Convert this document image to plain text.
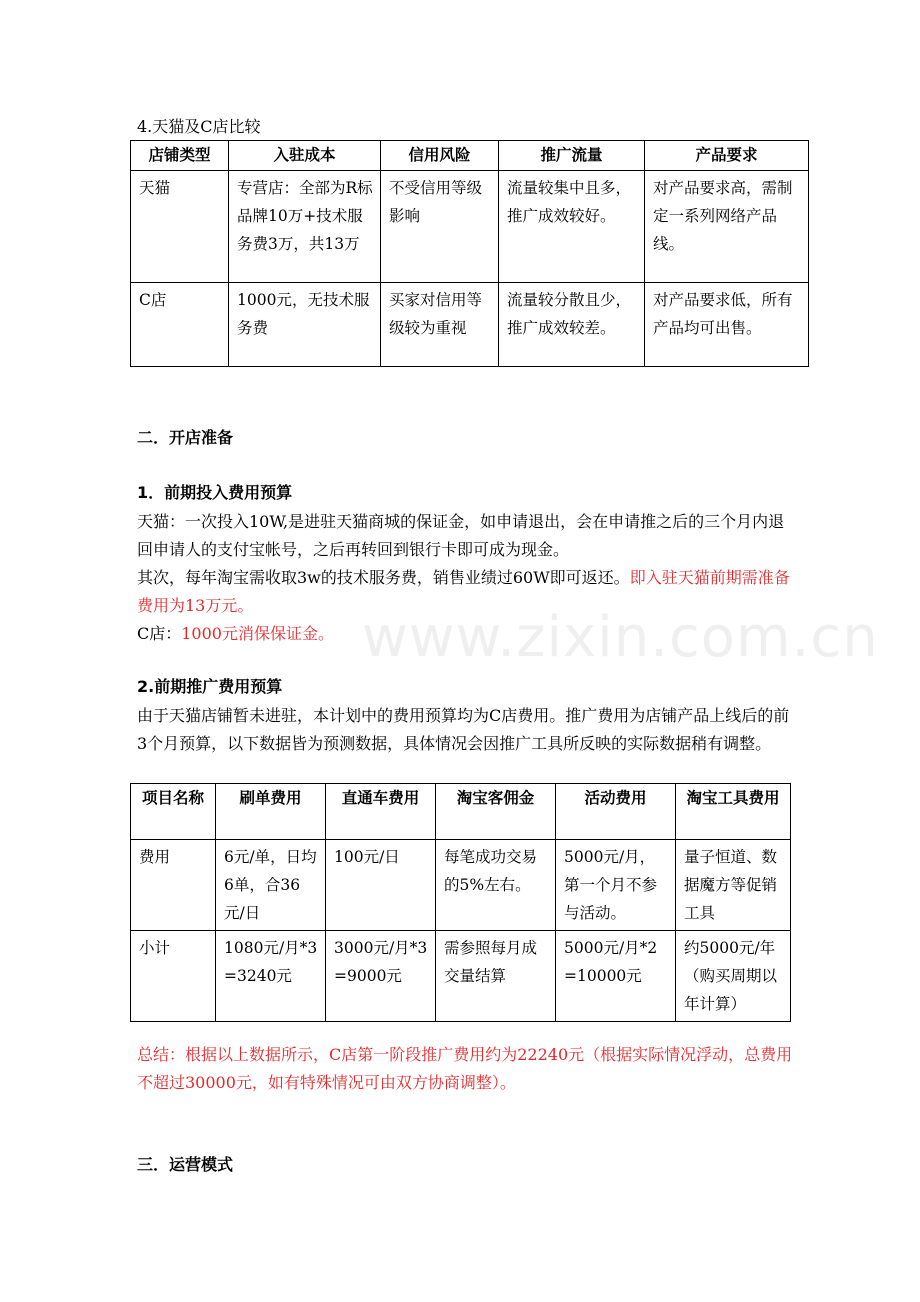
4.天猫及C店比较
店铺类型	入驻成本	信用风险	推广流量	产品要求
天猫	专营店：全部为R标品牌10万+技术服务费3万，共13万	不受信用等级影响	流量较集中且多，推广成效较好。	对产品要求高，需制定一系列网络产品线。
C店	1000元，无技术服务费	买家对信用等级较为重视	流量较分散且少，推广成效较差。	对产品要求低，所有产品均可出售。
二．开店准备
1．前期投入费用预算
天猫：一次投入10W,是进驻天猫商城的保证金，如申请退出，会在申请推之后的三个月内退回申请人的支付宝帐号，之后再转回到银行卡即可成为现金。
其次，每年淘宝需收取3w的技术服务费，销售业绩过60W即可返还。即入驻天猫前期需准备费用为13万元。
C店：1000元消保保证金。
2.前期推广费用预算
由于天猫店铺暂未进驻，本计划中的费用预算均为C店费用。推广费用为店铺产品上线后的前3个月预算，以下数据皆为预测数据，具体情况会因推广工具所反映的实际数据稍有调整。
项目名称	刷单费用	直通车费用	淘宝客佣金	活动费用	淘宝工具费用
费用	6元/单，日均6单，合36元/日	100元/日	每笔成功交易的5%左右。	5000元/月，第一个月不参与活动。	量子恒道、数据魔方等促销工具
小计	1080元/月*3=3240元	3000元/月*3=9000元	需参照每月成交量结算	5000元/月*2=10000元	约5000元/年（购买周期以年计算）
总结：根据以上数据所示，C店第一阶段推广费用约为22240元（根据实际情况浮动，总费用不超过30000元，如有特殊情况可由双方协商调整）。
三．运营模式
www.zixin.com.cn
